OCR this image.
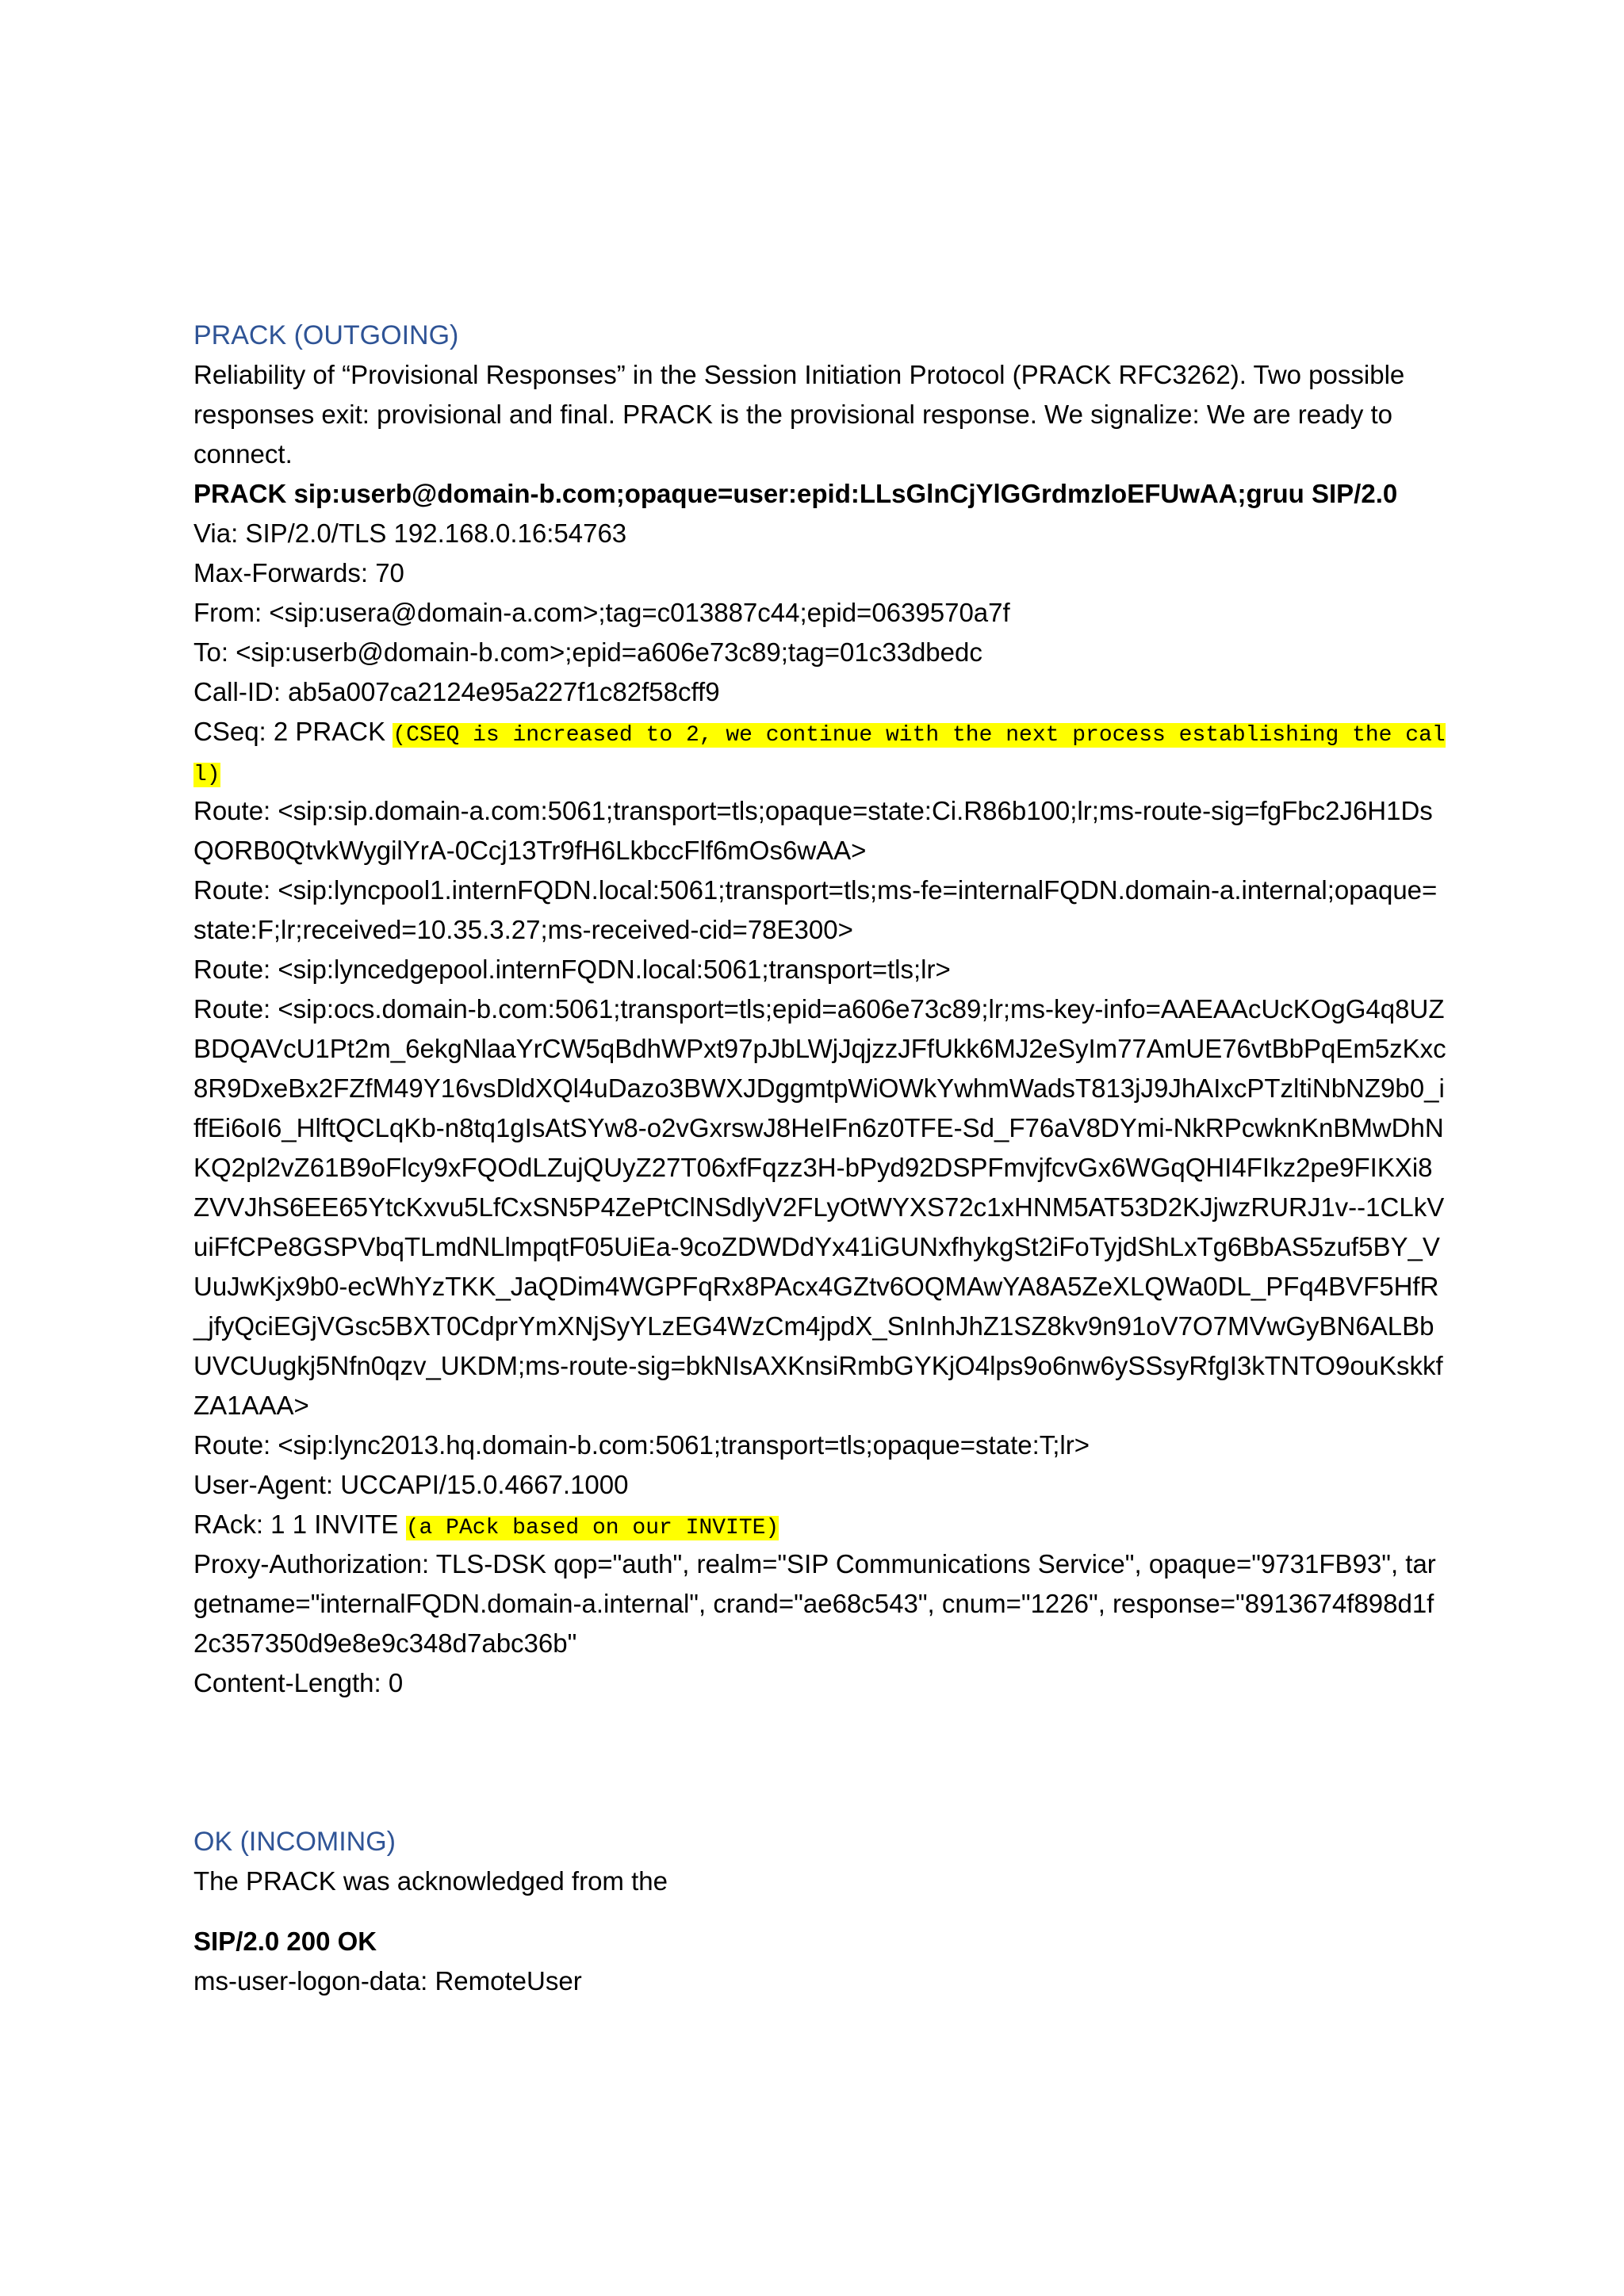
PRACK (OUTGOING)

Reliability of “Provisional Responses” in the Session Initiation Protocol (PRACK RFC3262). Two possible responses exit: provisional and final. PRACK is the provisional response. We signalize: We are ready to connect.

PRACK sip:userb@domain-b.com;opaque=user:epid:LLsGlnCjYlGGrdmzIoEFUwAA;gruu SIP/2.0

Via: SIP/2.0/TLS 192.168.0.16:54763

Max-Forwards: 70

From: <sip:usera@domain-a.com>;tag=c013887c44;epid=0639570a7f

To: <sip:userb@domain-b.com>;epid=a606e73c89;tag=01c33dbedc

Call-ID: ab5a007ca2124e95a227f1c82f58cff9

CSeq: 2 PRACK (CSEQ is increased to 2, we continue with the next process establishing the call)

Route: <sip:sip.domain-a.com:5061;transport=tls;opaque=state:Ci.R86b100;lr;ms-route-sig=fgFbc2J6H1DsQORB0QtvkWygilYrA-0Ccj13Tr9fH6LkbccFlf6mOs6wAA>

Route: <sip:lyncpool1.internFQDN.local:5061;transport=tls;ms-fe=internalFQDN.domain-a.internal;opaque=state:F;lr;received=10.35.3.27;ms-received-cid=78E300>

Route: <sip:lyncedgepool.internFQDN.local:5061;transport=tls;lr>

Route: <sip:ocs.domain-b.com:5061;transport=tls;epid=a606e73c89;lr;ms-key-info=AAEAAcUcKOgG4q8UZBDQAVcU1Pt2m_6ekgNlaaYrCW5qBdhWPxt97pJbLWjJqjzzJFfUkk6MJ2eSyIm77AmUE76vtBbPqEm5zKxc8R9DxeBx2FZfM49Y16vsDldXQl4uDazo3BWXJDggmtpWiOWkYwhmWadsT813jJ9JhAIxcPTzltiNbNZ9b0_iffEi6oI6_HlftQCLqKb-n8tq1gIsAtSYw8-o2vGxrswJ8HeIFn6z0TFE-Sd_F76aV8DYmi-NkRPcwknKnBMwDhNKQ2pl2vZ61B9oFlcy9xFQOdLZujQUyZ27T06xfFqzz3H-bPyd92DSPFmvjfcvGx6WGqQHI4FIkz2pe9FIKXi8ZVVJhS6EE65YtcKxvu5LfCxSN5P4ZePtClNSdlyV2FLyOtWYXS72c1xHNM5AT53D2KJjwzRURJ1v--1CLkVuiFfCPe8GSPVbqTLmdNLlmpqtF05UiEa-9coZDWDdYx41iGUNxfhykgSt2iFoTyjdShLxTg6BbAS5zuf5BY_VUuJwKjx9b0-ecWhYzTKK_JaQDim4WGPFqRx8PAcx4GZtv6OQMAwYA8A5ZeXLQWa0DL_PFq4BVF5HfR_jfyQciEGjVGsc5BXT0CdprYmXNjSyYLzEG4WzCm4jpdX_SnInhJhZ1SZ8kv9n91oV7O7MVwGyBN6ALBbUVCUugkj5Nfn0qzv_UKDM;ms-route-sig=bkNIsAXKnsiRmbGYKjO4lps9o6nw6ySSsyRfgI3kTNTO9ouKskkfZA1AAA>

Route: <sip:lync2013.hq.domain-b.com:5061;transport=tls;opaque=state:T;lr>

User-Agent: UCCAPI/15.0.4667.1000

RAck: 1 1 INVITE (a PAck based on our INVITE)

Proxy-Authorization: TLS-DSK qop="auth", realm="SIP Communications Service", opaque="9731FB93", targetname="internalFQDN.domain-a.internal", crand="ae68c543", cnum="1226", response="8913674f898d1f2c357350d9e8e9c348d7abc36b"

Content-Length: 0

OK (INCOMING)

The PRACK was acknowledged from the

SIP/2.0 200 OK

ms-user-logon-data: RemoteUser
